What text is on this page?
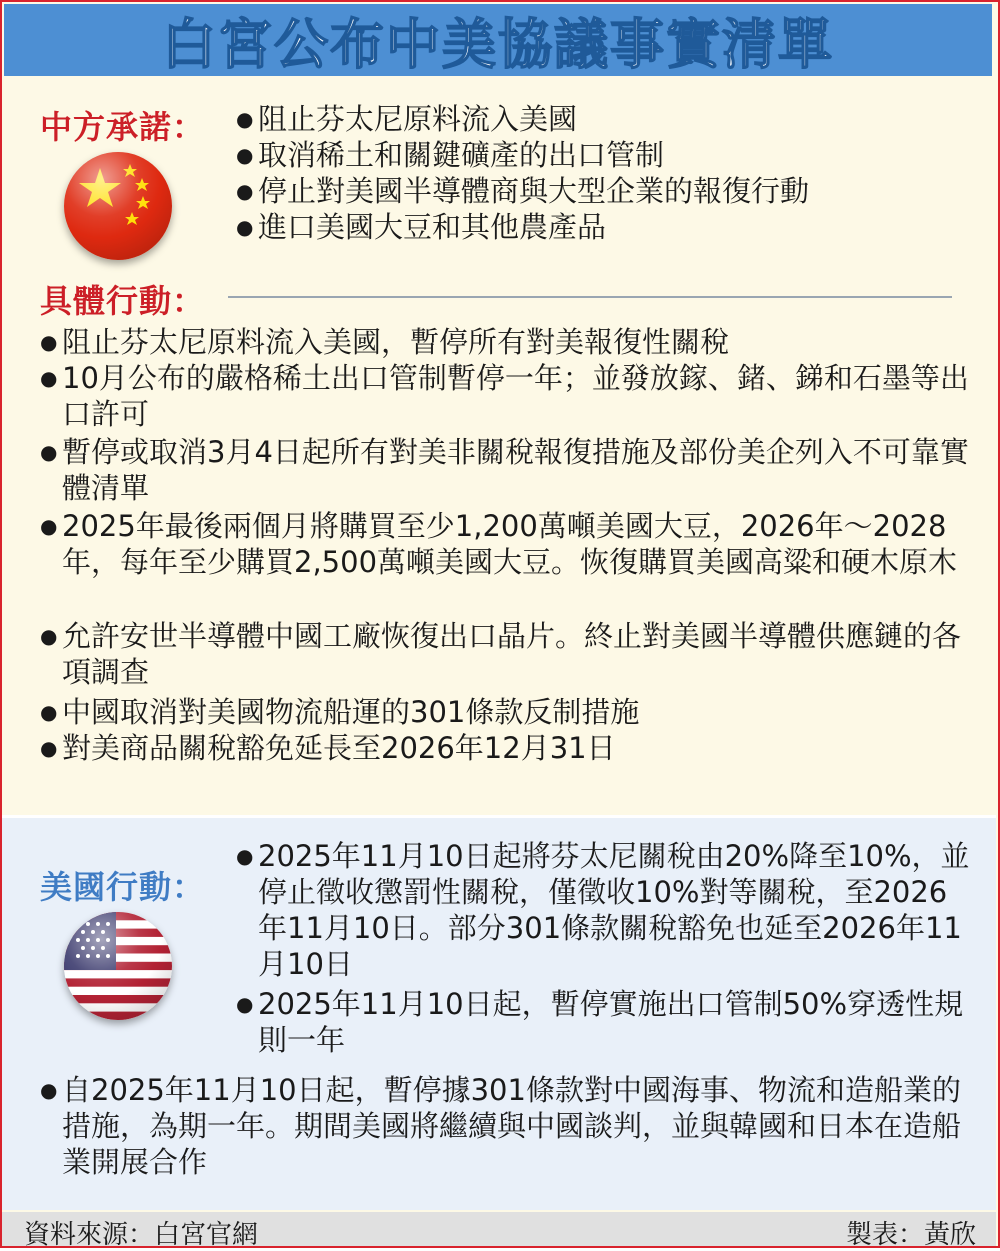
白宮公布中美協議事實清單
中方承諾：
●	阻止芬太尼原料流入美國
● 取消稀土和關鍵礦產的出口管制
● 停止對美國半導體商與大型企業的報復行動
● 進口美國大豆和其他農產品
具體行動：
● 阻止芬太尼原料流入美國，暫停所有對美報復性關稅
● 10月公布的嚴格稀土出口管制暫停一年；並發放鎵、鍺、銻和石墨等出口許可
● 暫停或取消3月4日起所有對美非關稅報復措施及部份美企列入不可靠實體清單
● 2025年最後兩個月將購買至少1,200萬噸美國大豆，2026年～2028年，每年至少購買2,500萬噸美國大豆。恢復購買美國高粱和硬木原木
● 允許安世半導體中國工廠恢復出口晶片。終止對美國半導體供應鏈的各項調查
● 中國取消對美國物流船運的301條款反制措施
● 對美商品關稅豁免延長至2026年12月31日
美國行動：
● 2025年11月10日起將芬太尼關稅由20%降至10%，並停止徵收懲罰性關稅，僅徵收10%對等關稅，至2026年11月10日。部分301條款關稅豁免也延至2026年11月10日
● 2025年11月10日起，暫停實施出口管制50%穿透性規則一年
● 自2025年11月10日起，暫停據301條款對中國海事、物流和造船業的措施，為期一年。期間美國將繼續與中國談判，並與韓國和日本在造船業開展合作
資料來源：白宮官網	製表：黃欣
